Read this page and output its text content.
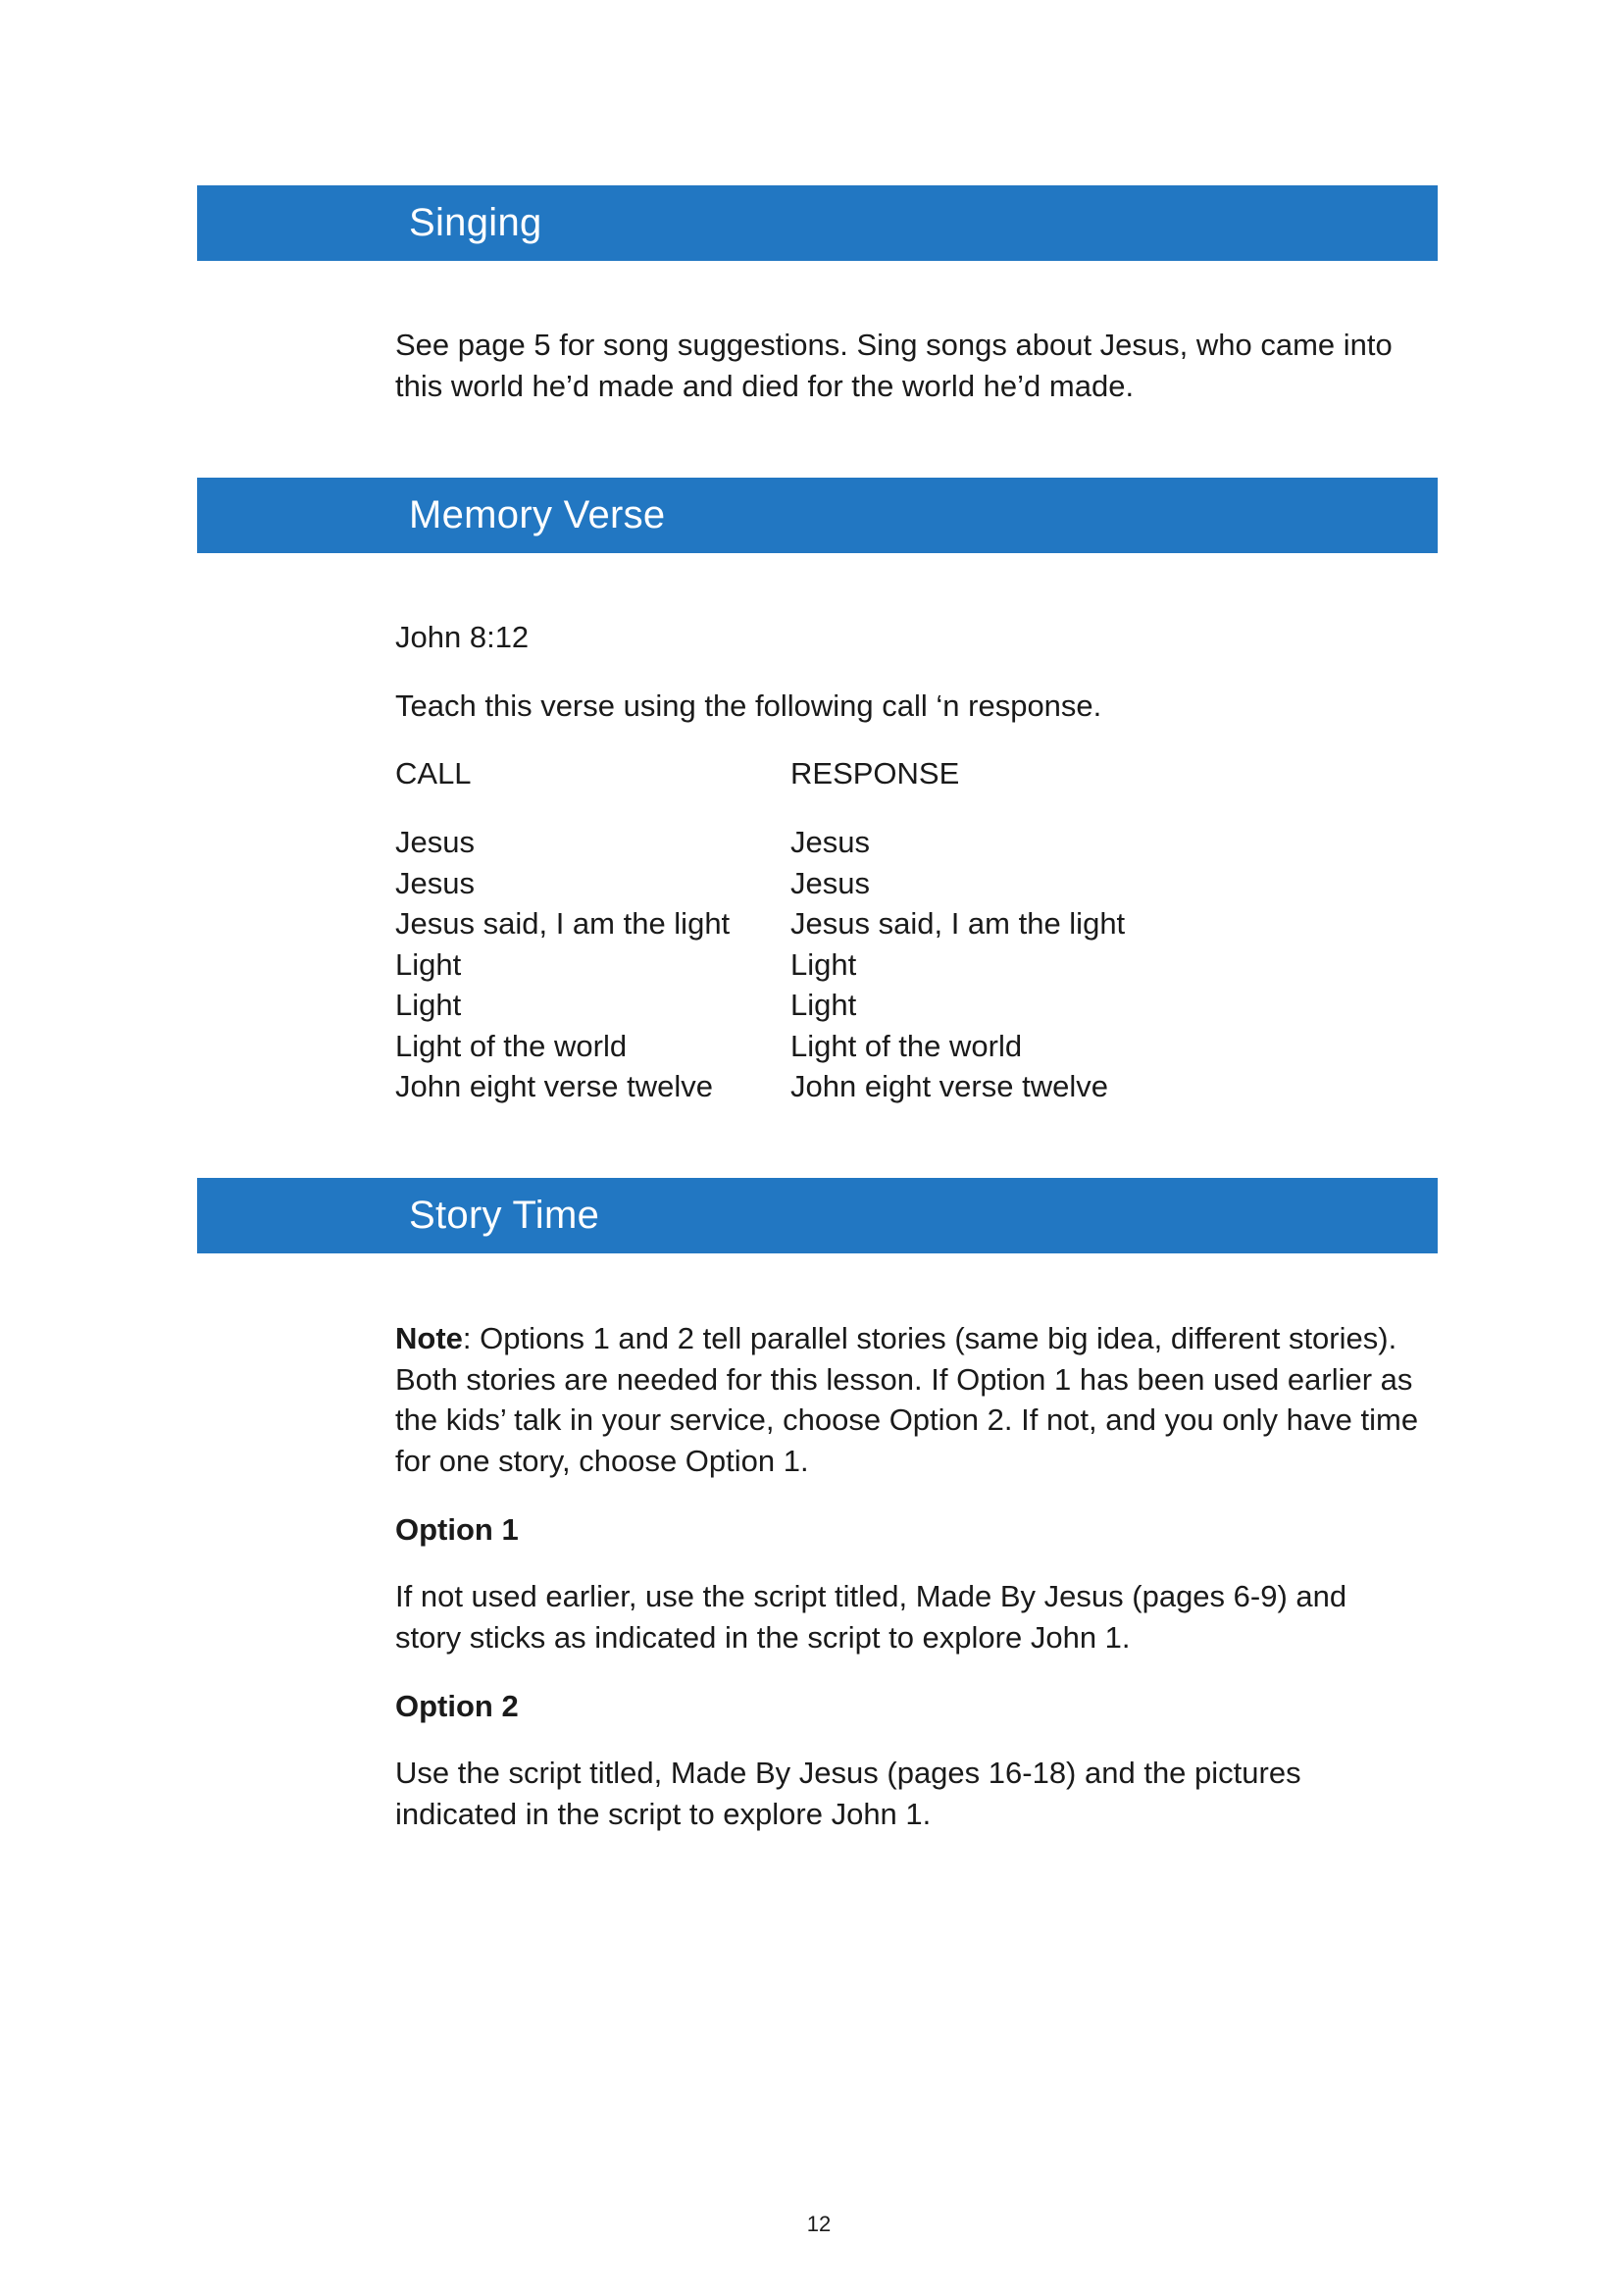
Singing

See page 5 for song suggestions. Sing songs about Jesus, who came into this world he’d made and died for the world he’d made.

Memory Verse

John 8:12

Teach this verse using the following call ‘n response.

CALL	RESPONSE

Jesus
Jesus
Jesus said, I am the light
Light
Light
Light of the world
John eight verse twelve
Jesus
Jesus
Jesus said, I am the light
Light
Light
Light of the world
John eight verse twelve
Story Time

Note: Options 1 and 2 tell parallel stories (same big idea, different stories). Both stories are needed for this lesson. If Option 1 has been used earlier as the kids’ talk in your service, choose Option 2. If not, and you only have time for one story, choose Option 1.

Option 1

If not used earlier, use the script titled, Made By Jesus (pages 6-9) and story sticks as indicated in the script to explore John 1.

Option 2

Use the script titled, Made By Jesus (pages 16-18) and the pictures indicated in the script to explore John 1.

12
